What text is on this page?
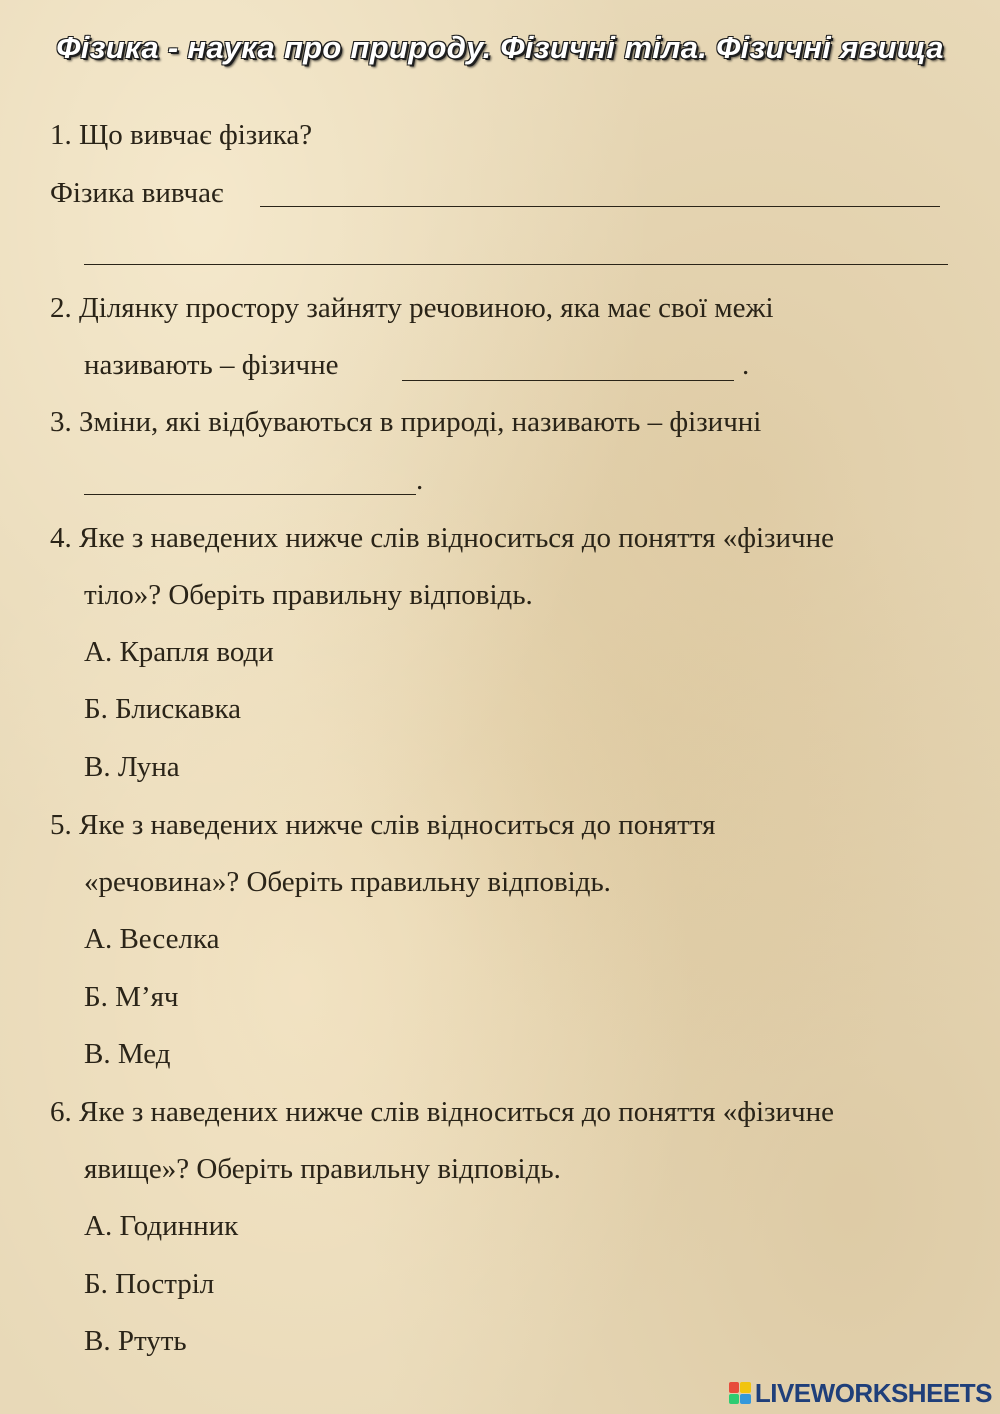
Фізика - наука про природу. Фізичні тіла. Фізичні явища
1. Що вивчає фізика?
Фізика вивчає
2. Ділянку простору зайняту речовиною, яка має свої межі
називають – фізичне	.
3. Зміни, які відбуваються в природі, називають – фізичні
.
4. Яке з наведених нижче слів відноситься до поняття «фізичне
тіло»? Оберіть правильну відповідь.
А. Крапля води
Б. Блискавка
В. Луна
5. Яке з наведених нижче слів відноситься до поняття
«речовина»? Оберіть правильну відповідь.
А. Веселка
Б. М’яч
В. Мед
6. Яке з наведених нижче слів відноситься до поняття «фізичне
явище»? Оберіть правильну відповідь.
А. Годинник
Б. Постріл
В. Ртуть
LIVEWORKSHEETS
